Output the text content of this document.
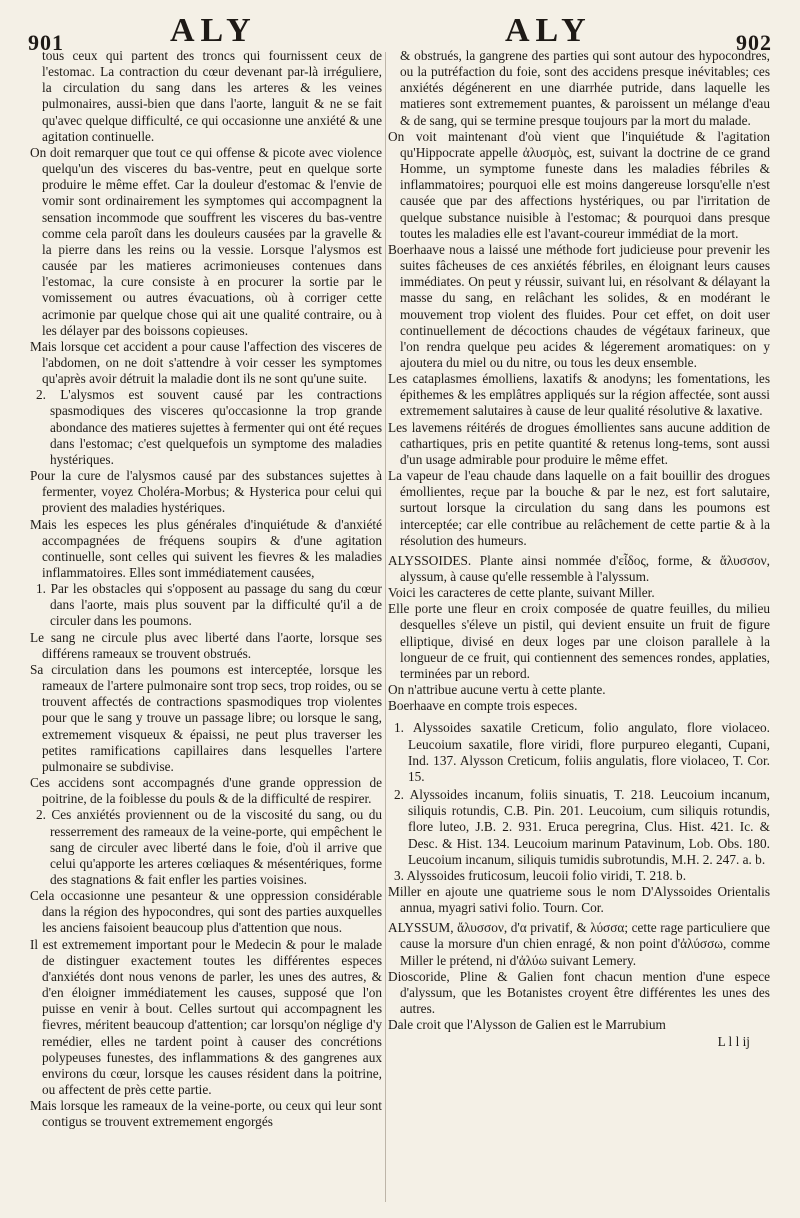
901	ALY	ALY	902

tous ceux qui partent des troncs qui fournissent ceux de l'estomac. La contraction du cœur devenant par-là irréguliere, la circulation du sang dans les arteres & les veines pulmonaires, aussi-bien que dans l'aorte, languit & ne se fait qu'avec quelque difficulté, ce qui occasionne une anxiété & une agitation continuelle.

On doit remarquer que tout ce qui offense & picote avec violence quelqu'un des visceres du bas-ventre, peut en quelque sorte produire le même effet. Car la douleur d'estomac & l'envie de vomir sont ordinairement les symptomes qui accompagnent la sensation incommode que souffrent les visceres du bas-ventre comme cela paroît dans les douleurs causées par la gravelle & la pierre dans les reins ou la vessie. Lorsque l'alysmos est causée par les matieres acrimonieuses contenues dans l'estomac, la cure consiste à en procurer la sortie par le vomissement ou autres évacuations, où à corriger cette acrimonie par quelque chose qui ait une qualité contraire, ou à les délayer par des boissons copieuses.

Mais lorsque cet accident a pour cause l'affection des visceres de l'abdomen, on ne doit s'attendre à voir cesser les symptomes qu'après avoir détruit la maladie dont ils ne sont qu'une suite.

2. L'alysmos est souvent causé par les contractions spasmodiques des visceres qu'occasionne la trop grande abondance des matieres sujettes à fermenter qui ont été reçues dans l'estomac; c'est quelquefois un symptome des maladies hystériques.

Pour la cure de l'alysmos causé par des substances sujettes à fermenter, voyez Choléra-Morbus; & Hysterica pour celui qui provient des maladies hystériques.

Mais les especes les plus générales d'inquiétude & d'anxiété accompagnées de fréquens soupirs & d'une agitation continuelle, sont celles qui suivent les fievres & les maladies inflammatoires. Elles sont immédiatement causées,

1. Par les obstacles qui s'opposent au passage du sang du cœur dans l'aorte, mais plus souvent par la difficulté qu'il a de circuler dans les poumons.

Le sang ne circule plus avec liberté dans l'aorte, lorsque ses différens rameaux se trouvent obstrués.

Sa circulation dans les poumons est interceptée, lorsque les rameaux de l'artere pulmonaire sont trop secs, trop roides, ou se trouvent affectés de contractions spasmodiques trop violentes pour que le sang y trouve un passage libre; ou lorsque le sang, extremement visqueux & épaissi, ne peut plus traverser les petites ramifications capillaires dans lesquelles l'artere pulmonaire se subdivise.

Ces accidens sont accompagnés d'une grande oppression de poitrine, de la foiblesse du pouls & de la difficulté de respirer.

2. Ces anxiétés proviennent ou de la viscosité du sang, ou du resserrement des rameaux de la veine-porte, qui empêchent le sang de circuler avec liberté dans le foie, d'où il arrive que celui qu'apporte les arteres cœliaques & mésentériques, forme des stagnations & fait enfler les parties voisines.

Cela occasionne une pesanteur & une oppression considérable dans la région des hypocondres, qui sont des parties auxquelles les anciens faisoient beaucoup plus d'attention que nous.

Il est extremement important pour le Medecin & pour le malade de distinguer exactement toutes les différentes especes d'anxiétés dont nous venons de parler, les unes des autres, & d'en éloigner immédiatement les causes, supposé que l'on puisse en venir à bout. Celles surtout qui accompagnent les fievres, méritent beaucoup d'attention; car lorsqu'on néglige d'y remédier, elles ne tardent point à causer des concrétions polypeuses funestes, des inflammations & des gangrenes aux environs du cœur, lorsque les causes résident dans la poitrine, ou affectent de près cette partie.

Mais lorsque les rameaux de la veine-porte, ou ceux qui leur sont contigus se trouvent extremement engorgés

& obstrués, la gangrene des parties qui sont autour des hypocondres, ou la putréfaction du foie, sont des accidens presque inévitables; ces anxiétés dégénerent en une diarrhée putride, dans laquelle les matieres sont extremement puantes, & paroissent un mélange d'eau & de sang, qui se termine presque toujours par la mort du malade.

On voit maintenant d'où vient que l'inquiétude & l'agitation qu'Hippocrate appelle ἀλυσμὸς, est, suivant la doctrine de ce grand Homme, un symptome funeste dans les maladies fébriles & inflammatoires; pourquoi elle est moins dangereuse lorsqu'elle n'est causée que par des affections hystériques, ou par l'irritation de quelque substance nuisible à l'estomac; & pourquoi dans presque toutes les maladies elle est l'avant-coureur immédiat de la mort.

Boerhaave nous a laissé une méthode fort judicieuse pour prevenir les suites fâcheuses de ces anxiétés fébriles, en éloignant leurs causes immédiates. On peut y réussir, suivant lui, en résolvant & délayant la masse du sang, en relâchant les solides, & en modérant le mouvement trop violent des fluides. Pour cet effet, on doit user continuellement de décoctions chaudes de végétaux farineux, que l'on rendra quelque peu acides & légerement aromatiques: on y ajoutera du miel ou du nitre, ou tous les deux ensemble.

Les cataplasmes émolliens, laxatifs & anodyns; les fomentations, les épithemes & les emplâtres appliqués sur la région affectée, sont aussi extremement salutaires à cause de leur qualité résolutive & laxative.

Les lavemens réitérés de drogues émollientes sans aucune addition de cathartiques, pris en petite quantité & retenus long-tems, sont aussi d'un usage admirable pour produire le même effet.

La vapeur de l'eau chaude dans laquelle on a fait bouillir des drogues émollientes, reçue par la bouche & par le nez, est fort salutaire, surtout lorsque la circulation du sang dans les poumons est interceptée; car elle contribue au relâchement de cette partie & à la résolution des humeurs.

ALYSSOIDES. Plante ainsi nommée d'εἶδος, forme, & ἄλυσσον, alyssum, à cause qu'elle ressemble à l'alyssum.

Voici les caracteres de cette plante, suivant Miller.

Elle porte une fleur en croix composée de quatre feuilles, du milieu desquelles s'éleve un pistil, qui devient ensuite un fruit de figure elliptique, divisé en deux loges par une cloison parallele à la longueur de ce fruit, qui contiennent des semences rondes, applaties, terminées par un rebord.

On n'attribue aucune vertu à cette plante.

Boerhaave en compte trois especes.

1. Alyssoides saxatile Creticum, folio angulato, flore violaceo. Leucoium saxatile, flore viridi, flore purpureo eleganti, Cupani, Ind. 137. Alysson Creticum, foliis angulatis, flore violaceo, T. Cor. 15.

2. Alyssoides incanum, foliis sinuatis, T. 218. Leucoium incanum, siliquis rotundis, C.B. Pin. 201. Leucoium, cum siliquis rotundis, flore luteo, J.B. 2. 931. Eruca peregrina, Clus. Hist. 421. Ic. & Desc. & Hist. 134. Leucoium marinum Patavinum, Lob. Obs. 180. Leucoium incanum, siliquis tumidis subrotundis, M.H. 2. 247. a. b.

3. Alyssoides fruticosum, leucoii folio viridi, T. 218. b.

Miller en ajoute une quatrieme sous le nom D'Alyssoides Orientalis annua, myagri sativi folio. Tourn. Cor.

ALYSSUM, ἄλυσσον, d'α privatif, & λύσσα; cette rage particuliere que cause la morsure d'un chien enragé, & non point d'ἀλύσσω, comme Miller le prétend, ni d'ἀλύω suivant Lemery.

Dioscoride, Pline & Galien font chacun mention d'une espece d'alyssum, que les Botanistes croyent être différentes les unes des autres.

Dale croit que l'Alysson de Galien est le Marrubium

L l l ij
